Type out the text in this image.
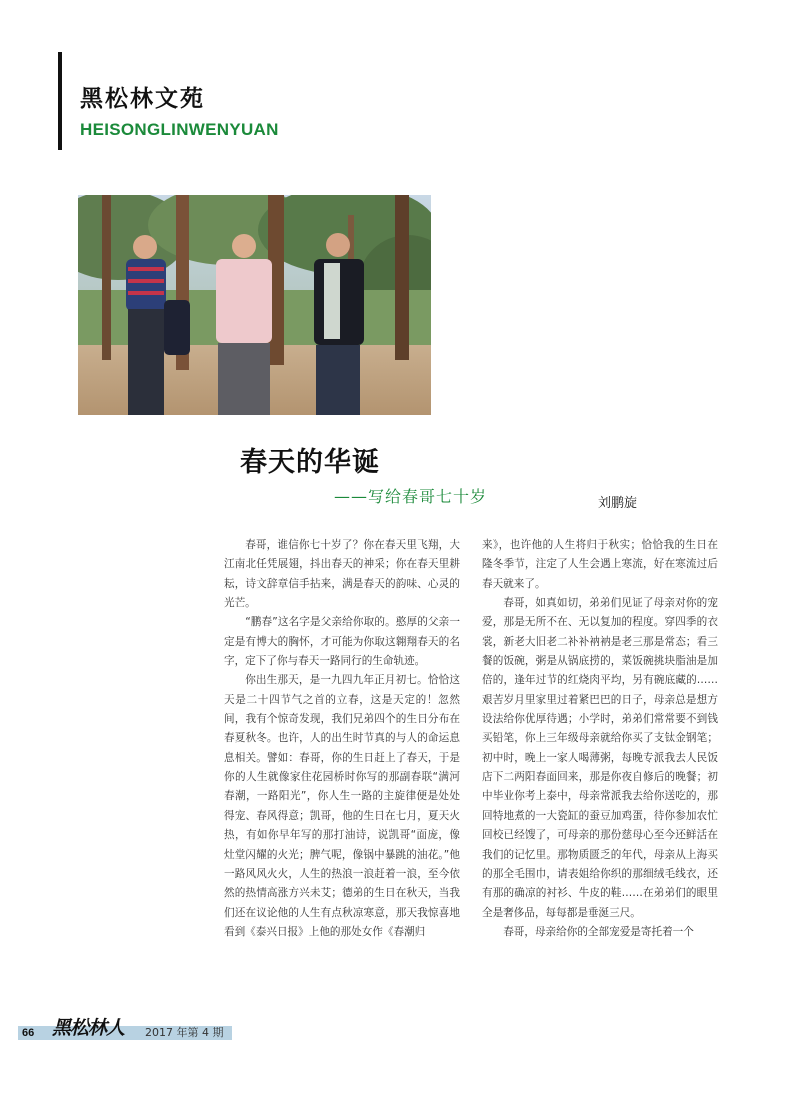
黑松林文苑
HEISONGLINWENYUAN
春天的华诞
——写给春哥七十岁	刘鹏旋

春哥，谁信你七十岁了？你在春天里飞翔，大江南北任凭展翅，抖出春天的神采；你在春天里耕耘，诗文辞章信手拈来，满是春天的韵味、心灵的光芒。

“鹏春”这名字是父亲给你取的。憨厚的父亲一定是有博大的胸怀，才可能为你取这翱翔春天的名字，定下了你与春天一路同行的生命轨迹。

你出生那天，是一九四九年正月初七。恰恰这天是二十四节气之首的立春，这是天定的！忽然间，我有个惊奇发现，我们兄弟四个的生日分布在春夏秋冬。也许，人的出生时节真的与人的命运息息相关。譬如：春哥，你的生日赶上了春天，于是你的人生就像家住花园桥时你写的那副春联“满河春潮，一路阳光”，你人生一路的主旋律便是处处得宠、春风得意；凯哥，他的生日在七月，夏天火热，有如你早年写的那打油诗，说凯哥“面庞，像灶堂闪耀的火光；脾气呢，像锅中暴跳的油花。”他一路风风火火，人生的热浪一浪赶着一浪，至今依然的热情高涨方兴未艾；德弟的生日在秋天，当我们还在议论他的人生有点秋凉寒意，那天我惊喜地看到《泰兴日报》上他的那处女作《春潮归

来》，也许他的人生将归于秋实；恰恰我的生日在隆冬季节，注定了人生会遇上寒流，好在寒流过后春天就来了。

春哥，如真如切，弟弟们见证了母亲对你的宠爱，那是无所不在、无以复加的程度。穿四季的衣裳，新老大旧老二补补衲衲是老三那是常态；看三餐的饭碗，粥是从锅底捞的，菜饭碗挑块脂油是加倍的，逢年过节的红烧肉平均，另有碗底藏的……艰苦岁月里家里过着紧巴巴的日子，母亲总是想方设法给你优厚待遇；小学时，弟弟们常常要不到钱买铅笔，你上三年级母亲就给你买了支钛金钢笔；初中时，晚上一家人喝薄粥，每晚专派我去人民饭店下二两阳春面回来，那是你夜自修后的晚餐；初中毕业你考上泰中，母亲常派我去给你送吃的，那回特地煮的一大瓷缸的蚕豆加鸡蛋，待你参加农忙回校已经馊了，可母亲的那份慈母心至今还鲜活在我们的记忆里。那物质匮乏的年代，母亲从上海买的那全毛围巾，请表姐给你织的那细绒毛线衣，还有那的确凉的衬衫、牛皮的鞋……在弟弟们的眼里全是奢侈品，每每都是垂涎三尺。

春哥，母亲给你的全部宠爱是寄托着一个

66 黑松林人 2017 年第 4 期
